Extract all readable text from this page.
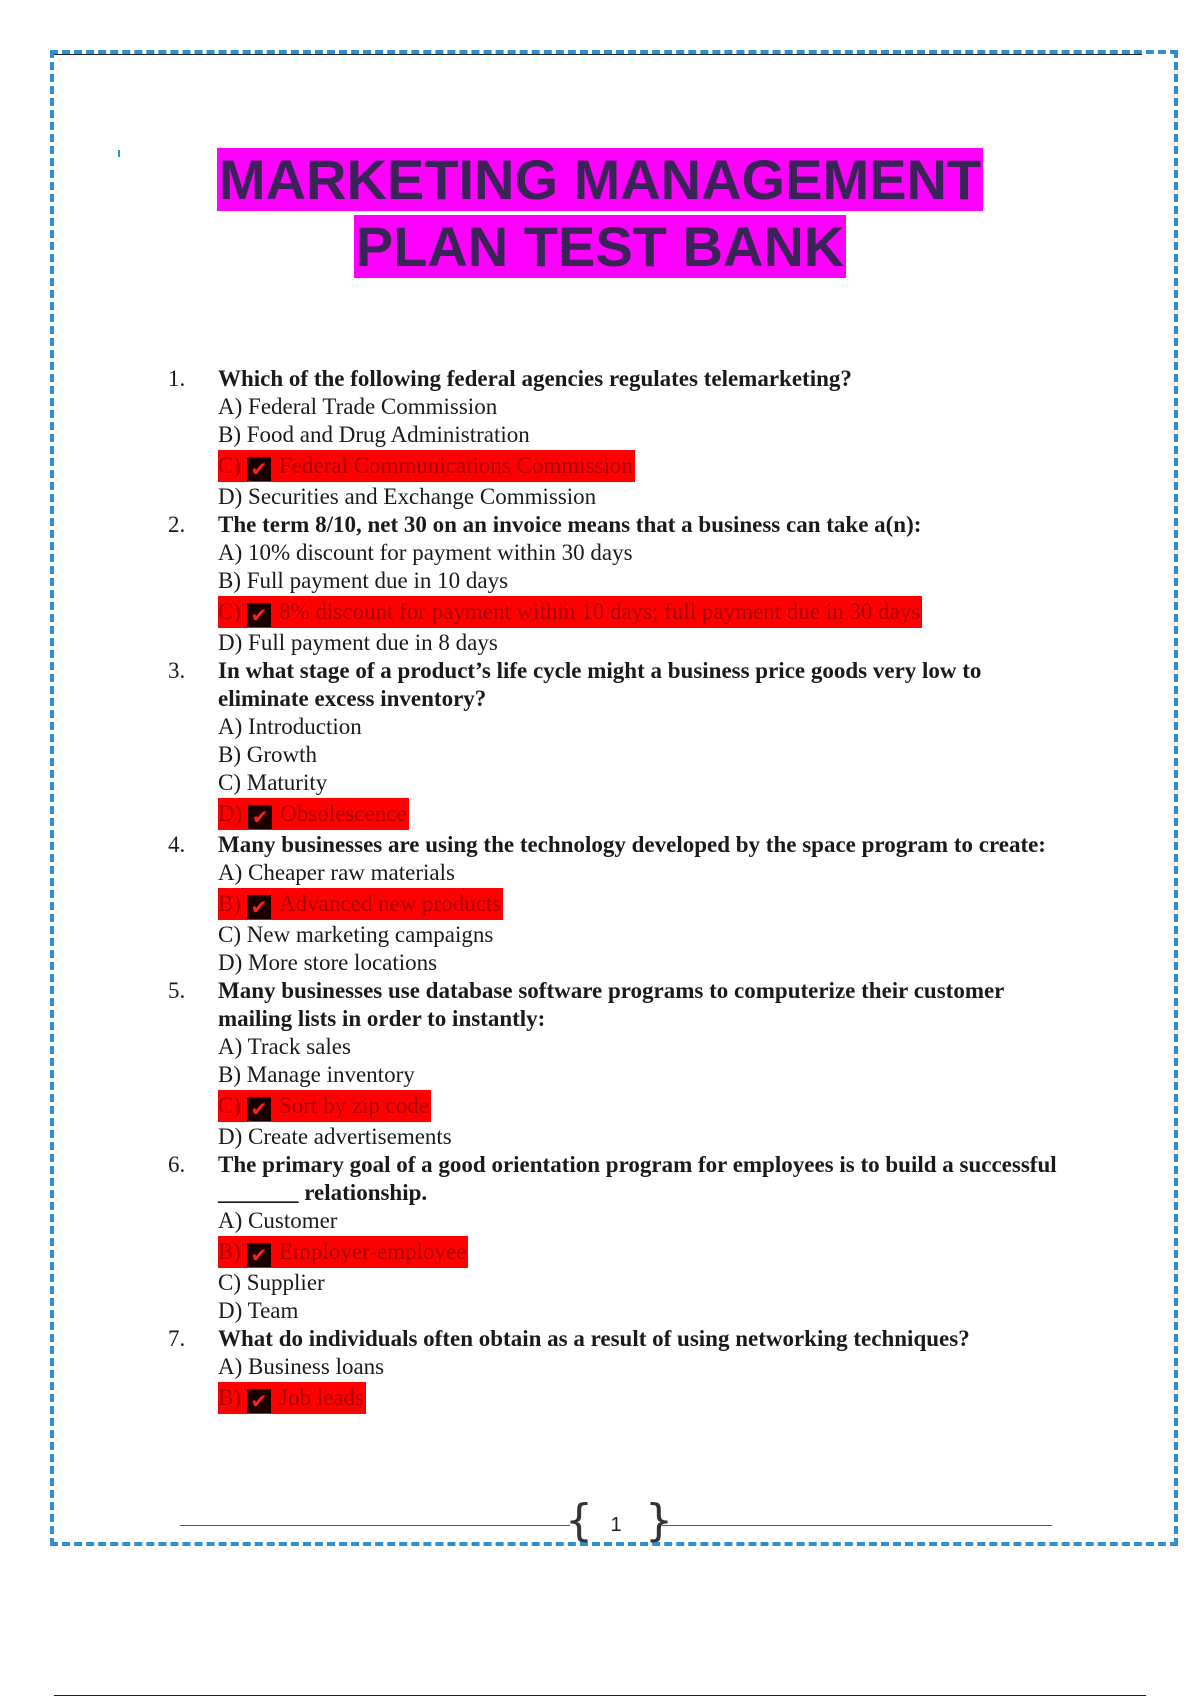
MARKETING MANAGEMENT
PLAN TEST BANK
1.	Which of the following federal agencies regulates telemarketing?
A) Federal Trade Commission
B) Food and Drug Administration
C) ✔ Federal Communications Commission
D) Securities and Exchange Commission
2.	The term 8/10, net 30 on an invoice means that a business can take a(n):
A) 10% discount for payment within 30 days
B) Full payment due in 10 days
C) ✔ 8% discount for payment within 10 days; full payment due in 30 days
D) Full payment due in 8 days
3.	In what stage of a product’s life cycle might a business price goods very low to eliminate excess inventory?
A) Introduction
B) Growth
C) Maturity
D) ✔ Obsolescence
4.	Many businesses are using the technology developed by the space program to create:
A) Cheaper raw materials
B) ✔ Advanced new products
C) New marketing campaigns
D) More store locations
5.	Many businesses use database software programs to computerize their customer mailing lists in order to instantly:
A) Track sales
B) Manage inventory
C) ✔ Sort by zip code
D) Create advertisements
6.	The primary goal of a good orientation program for employees is to build a successful _______ relationship.
A) Customer
B) ✔ Employer-employee
C) Supplier
D) Team
7.	What do individuals often obtain as a result of using networking techniques?
A) Business loans
B) ✔ Job leads
{ 1 }
